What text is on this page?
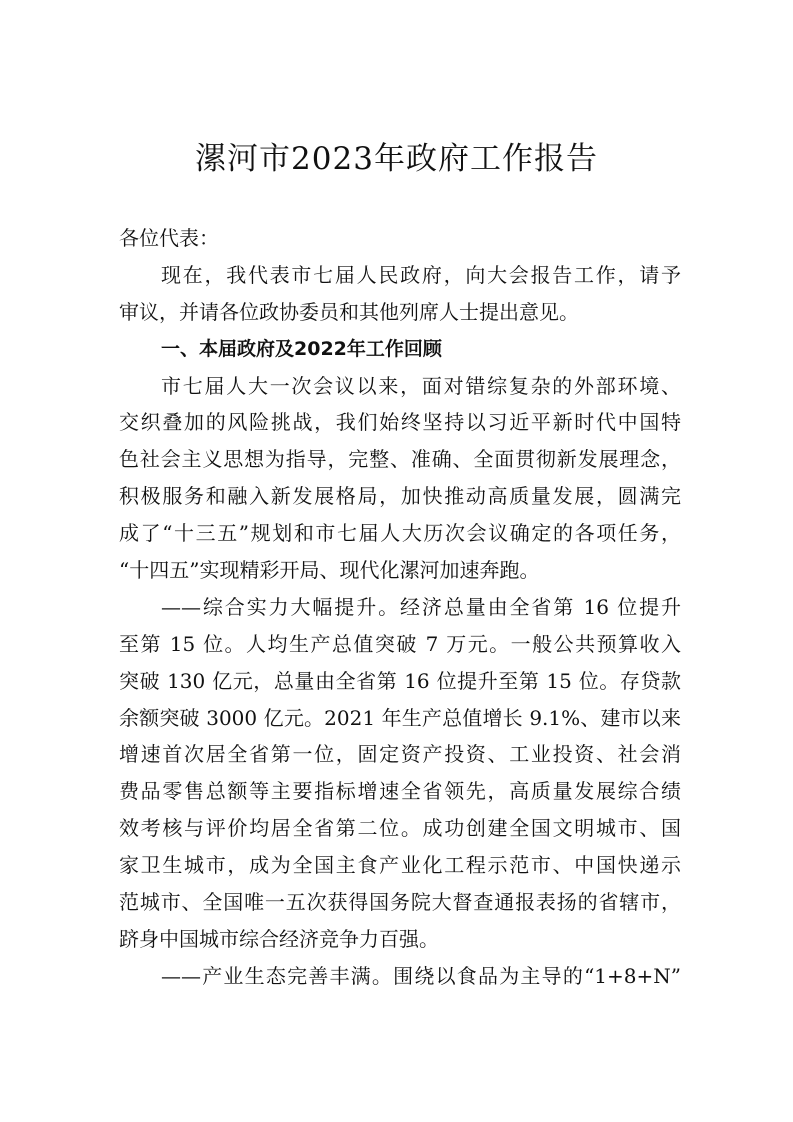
漯河市2023年政府工作报告
各位代表：
现在，我代表市七届人民政府，向大会报告工作，请予
审议，并请各位政协委员和其他列席人士提出意见。
一、本届政府及2022年工作回顾
市七届人大一次会议以来，面对错综复杂的外部环境、
交织叠加的风险挑战，我们始终坚持以习近平新时代中国特
色社会主义思想为指导，完整、准确、全面贯彻新发展理念，
积极服务和融入新发展格局，加快推动高质量发展，圆满完
成了“十三五”规划和市七届人大历次会议确定的各项任务，
“十四五”实现精彩开局、现代化漯河加速奔跑。
——综合实力大幅提升。经济总量由全省第 16 位提升
至第 15 位。人均生产总值突破 7 万元。一般公共预算收入
突破 130 亿元，总量由全省第 16 位提升至第 15 位。存贷款
余额突破 3000 亿元。2021 年生产总值增长 9.1%、建市以来
增速首次居全省第一位，固定资产投资、工业投资、社会消
费品零售总额等主要指标增速全省领先，高质量发展综合绩
效考核与评价均居全省第二位。成功创建全国文明城市、国
家卫生城市，成为全国主食产业化工程示范市、中国快递示
范城市、全国唯一五次获得国务院大督查通报表扬的省辖市，
跻身中国城市综合经济竞争力百强。
——产业生态完善丰满。围绕以食品为主导的“1+8+N”
